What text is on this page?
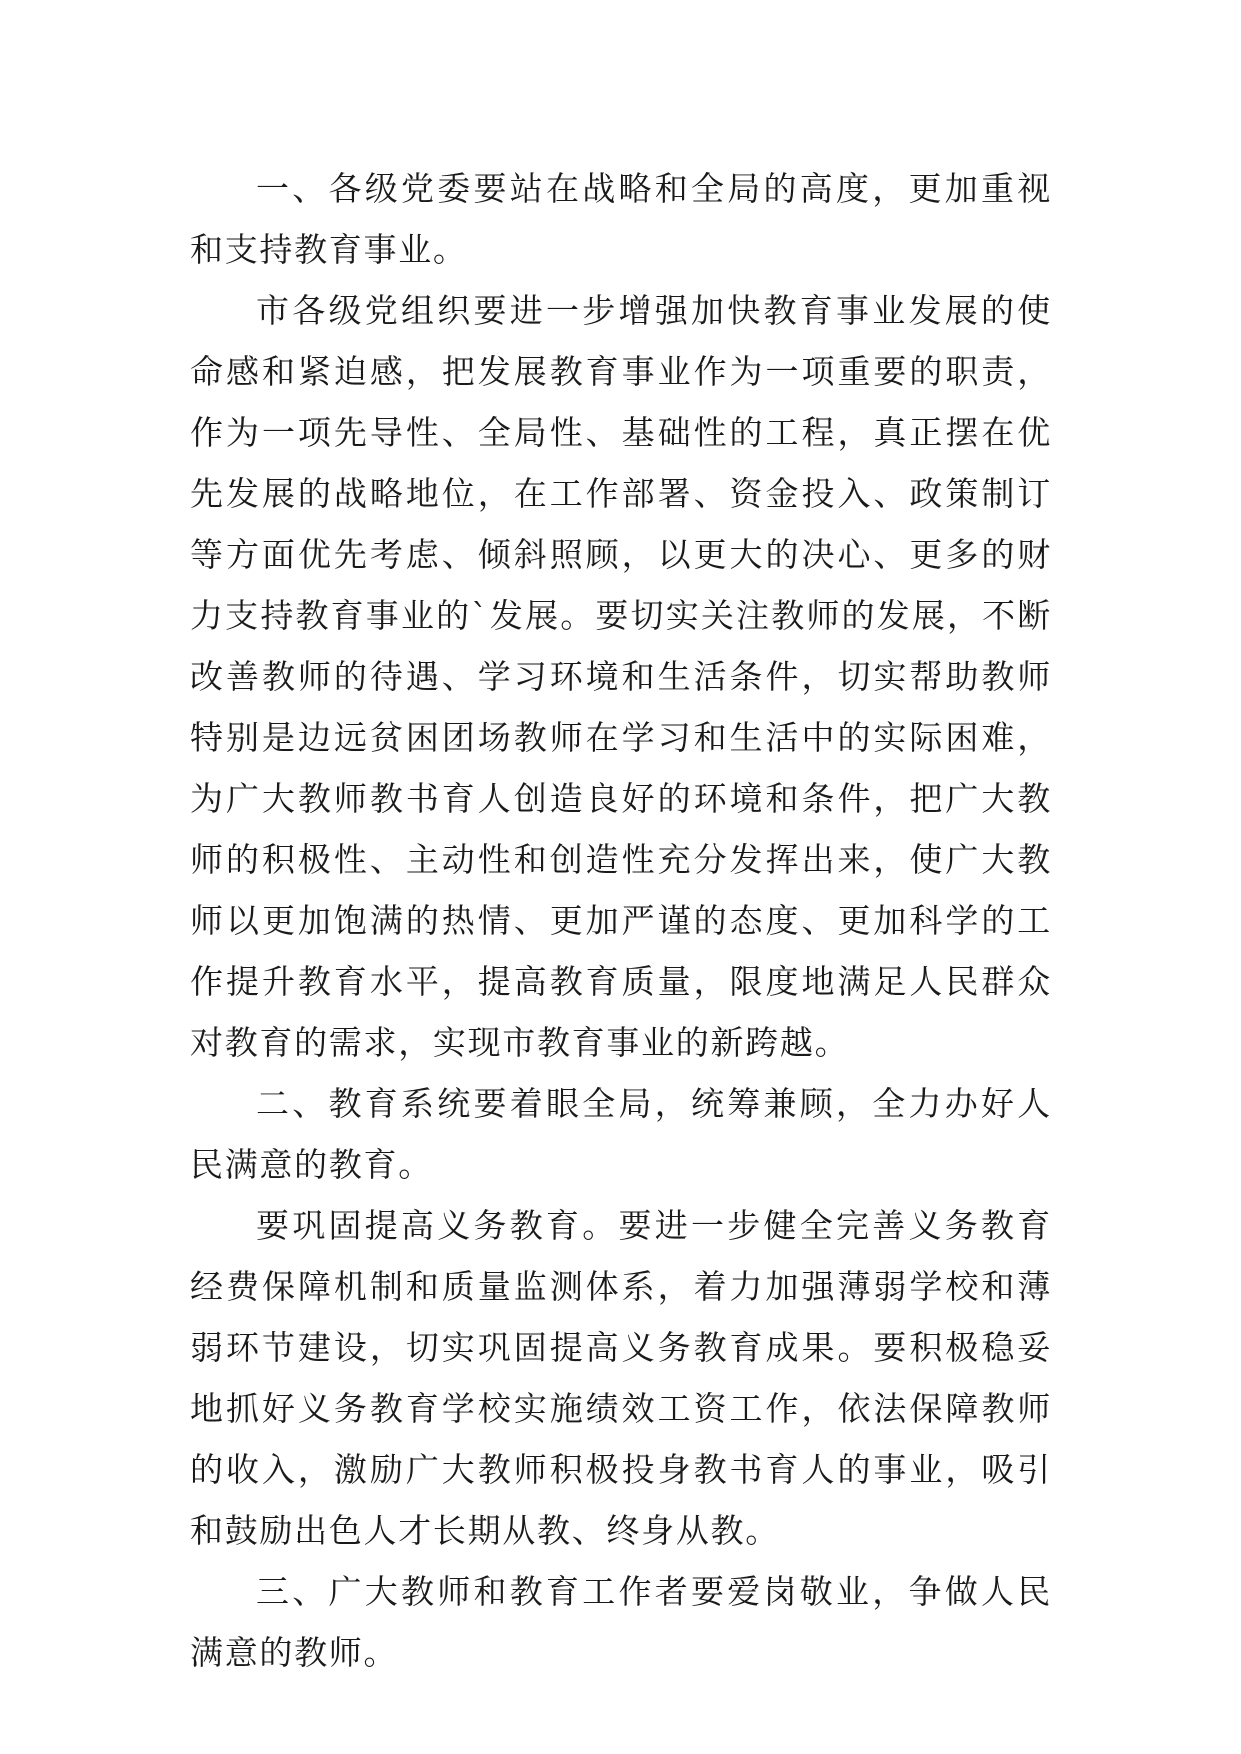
一、各级党委要站在战略和全局的高度，更加重视和支持教育事业。

市各级党组织要进一步增强加快教育事业发展的使命感和紧迫感，把发展教育事业作为一项重要的职责，作为一项先导性、全局性、基础性的工程，真正摆在优先发展的战略地位，在工作部署、资金投入、政策制订等方面优先考虑、倾斜照顾，以更大的决心、更多的财力支持教育事业的`发展。要切实关注教师的发展，不断改善教师的待遇、学习环境和生活条件，切实帮助教师特别是边远贫困团场教师在学习和生活中的实际困难，为广大教师教书育人创造良好的环境和条件，把广大教师的积极性、主动性和创造性充分发挥出来，使广大教师以更加饱满的热情、更加严谨的态度、更加科学的工作提升教育水平，提高教育质量，限度地满足人民群众对教育的需求，实现市教育事业的新跨越。

二、教育系统要着眼全局，统筹兼顾，全力办好人民满意的教育。

要巩固提高义务教育。要进一步健全完善义务教育经费保障机制和质量监测体系，着力加强薄弱学校和薄弱环节建设，切实巩固提高义务教育成果。要积极稳妥地抓好义务教育学校实施绩效工资工作，依法保障教师的收入，激励广大教师积极投身教书育人的事业，吸引和鼓励出色人才长期从教、终身从教。

三、广大教师和教育工作者要爱岗敬业，争做人民满意的教师。
